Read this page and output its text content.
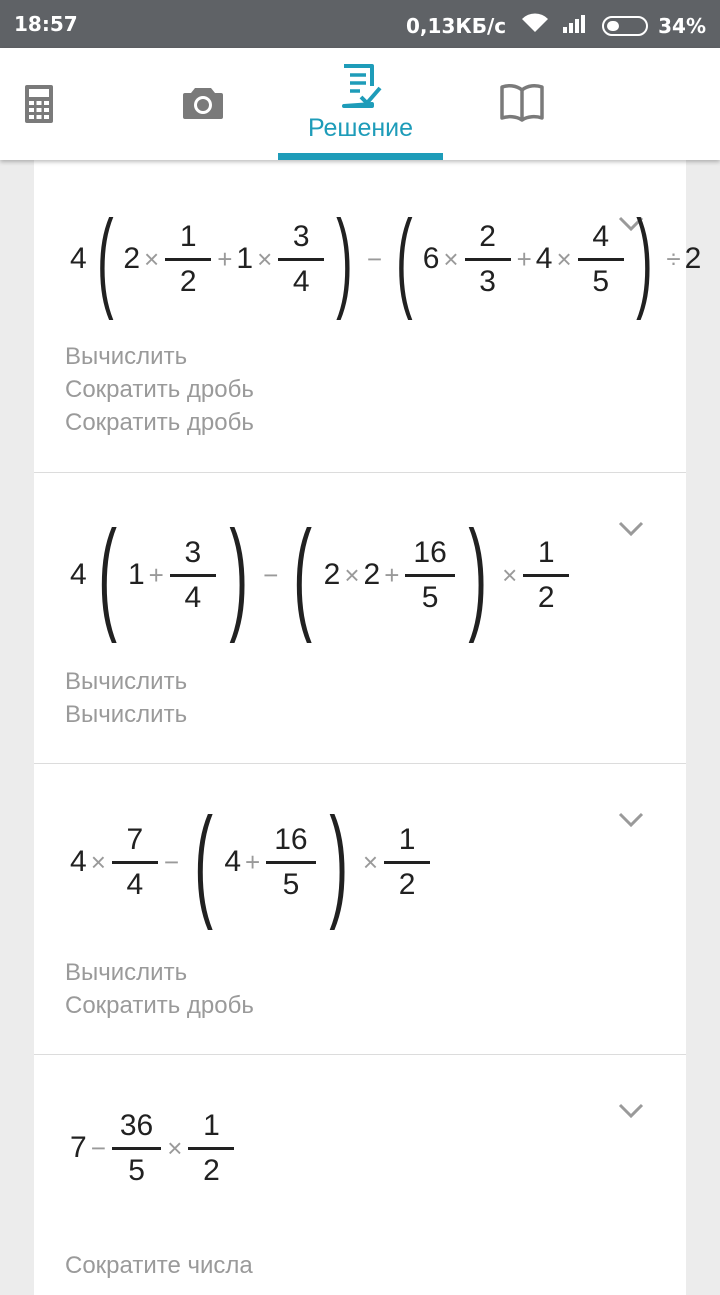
18:57	0,13КБ/с	34%
Решение
4 ( $2 \times \frac{1}{2} + 1 \times \frac{3}{4}$ ) − ( $6 \times \frac{2}{3} + 4 \times \frac{4}{5}$ ) ÷ 2
Вычислить
Сократить дробь
Сократить дробь
4 ( $1 + \frac{3}{4}$ ) − ( $2 \times 2 + \frac{16}{5}$ ) × $\frac{1}{2}$
Вычислить
Вычислить
$4 \times \frac{7}{4}$ − ( $4 + \frac{16}{5}$ ) × $\frac{1}{2}$
Вычислить
Сократить дробь
$7 - \frac{36}{5} \times \frac{1}{2}$
Сократите числа
